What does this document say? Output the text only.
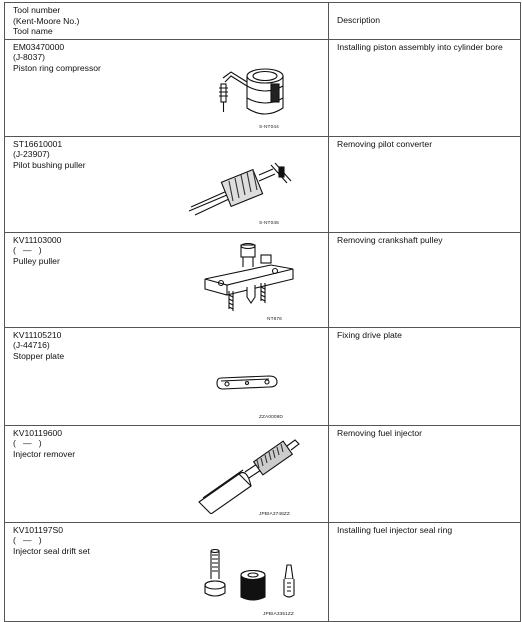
Tool number
(Kent-Moore No.)
Tool name	Description

EM03470000
(J-8037)
Piston ring compressor
S-NT044	Installing piston assembly into cylinder bore

ST16610001
(J-23907)
Pilot bushing puller
S-NT045	Removing pilot converter

KV11103000
(   —   )
Pulley puller
NT676	Removing crankshaft pulley

KV11105210
(J-44716)
Stopper plate
ZZA0009D	Fixing drive plate

KV10119600
(   —   )
Injector remover
JPBIA3748ZZ	Removing fuel injector

KV101197S0
(   —   )
Injector seal drift set
JPBIA3351ZZ	Installing fuel injector seal ring
